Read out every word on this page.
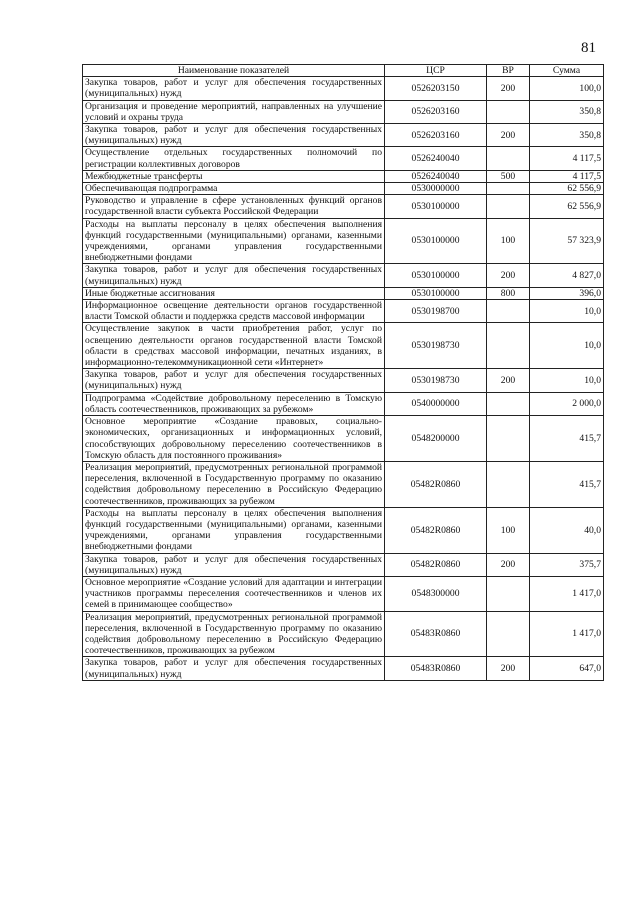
81
Наименование показателей	ЦСР	ВР	Сумма
Закупка товаров, работ и услуг для обеспечения государственных (муниципальных) нужд	0526203150	200	100,0
Организация и проведение мероприятий, направленных на улучшение условий и охраны труда	0526203160		350,8
Закупка товаров, работ и услуг для обеспечения государственных (муниципальных) нужд	0526203160	200	350,8
Осуществление отдельных государственных полномочий по регистрации коллективных договоров	0526240040		4 117,5
Межбюджетные трансферты	0526240040	500	4 117,5
Обеспечивающая подпрограмма	0530000000		62 556,9
Руководство и управление в сфере установленных функций органов государственной власти субъекта Российской Федерации	0530100000		62 556,9
Расходы на выплаты персоналу в целях обеспечения выполнения функций государственными (муниципальными) органами, казенными учреждениями, органами управления государственными внебюджетными фондами	0530100000	100	57 323,9
Закупка товаров, работ и услуг для обеспечения государственных (муниципальных) нужд	0530100000	200	4 827,0
Иные бюджетные ассигнования	0530100000	800	396,0
Информационное освещение деятельности органов государственной власти Томской области и поддержка средств массовой информации	0530198700		10,0
Осуществление закупок в части приобретения работ, услуг по освещению деятельности органов государственной власти Томской области в средствах массовой информации, печатных изданиях, в информационно-телекоммуникационной сети «Интернет»	0530198730		10,0
Закупка товаров, работ и услуг для обеспечения государственных (муниципальных) нужд	0530198730	200	10,0
Подпрограмма «Содействие добровольному переселению в Томскую область соотечественников, проживающих за рубежом»	0540000000		2 000,0
Основное мероприятие «Создание правовых, социально-экономических, организационных и информационных условий, способствующих добровольному переселению соотечественников в Томскую область для постоянного проживания»	0548200000		415,7
Реализация мероприятий, предусмотренных региональной программой переселения, включенной в Государственную программу по оказанию содействия добровольному переселению в Российскую Федерацию соотечественников, проживающих за рубежом	05482R0860		415,7
Расходы на выплаты персоналу в целях обеспечения выполнения функций государственными (муниципальными) органами, казенными учреждениями, органами управления государственными внебюджетными фондами	05482R0860	100	40,0
Закупка товаров, работ и услуг для обеспечения государственных (муниципальных) нужд	05482R0860	200	375,7
Основное мероприятие «Создание условий для адаптации и интеграции участников программы переселения соотечественников и членов их семей в принимающее сообщество»	0548300000		1 417,0
Реализация мероприятий, предусмотренных региональной программой переселения, включенной в Государственную программу по оказанию содействия добровольному переселению в Российскую Федерацию соотечественников, проживающих за рубежом	05483R0860		1 417,0
Закупка товаров, работ и услуг для обеспечения государственных (муниципальных) нужд	05483R0860	200	647,0
